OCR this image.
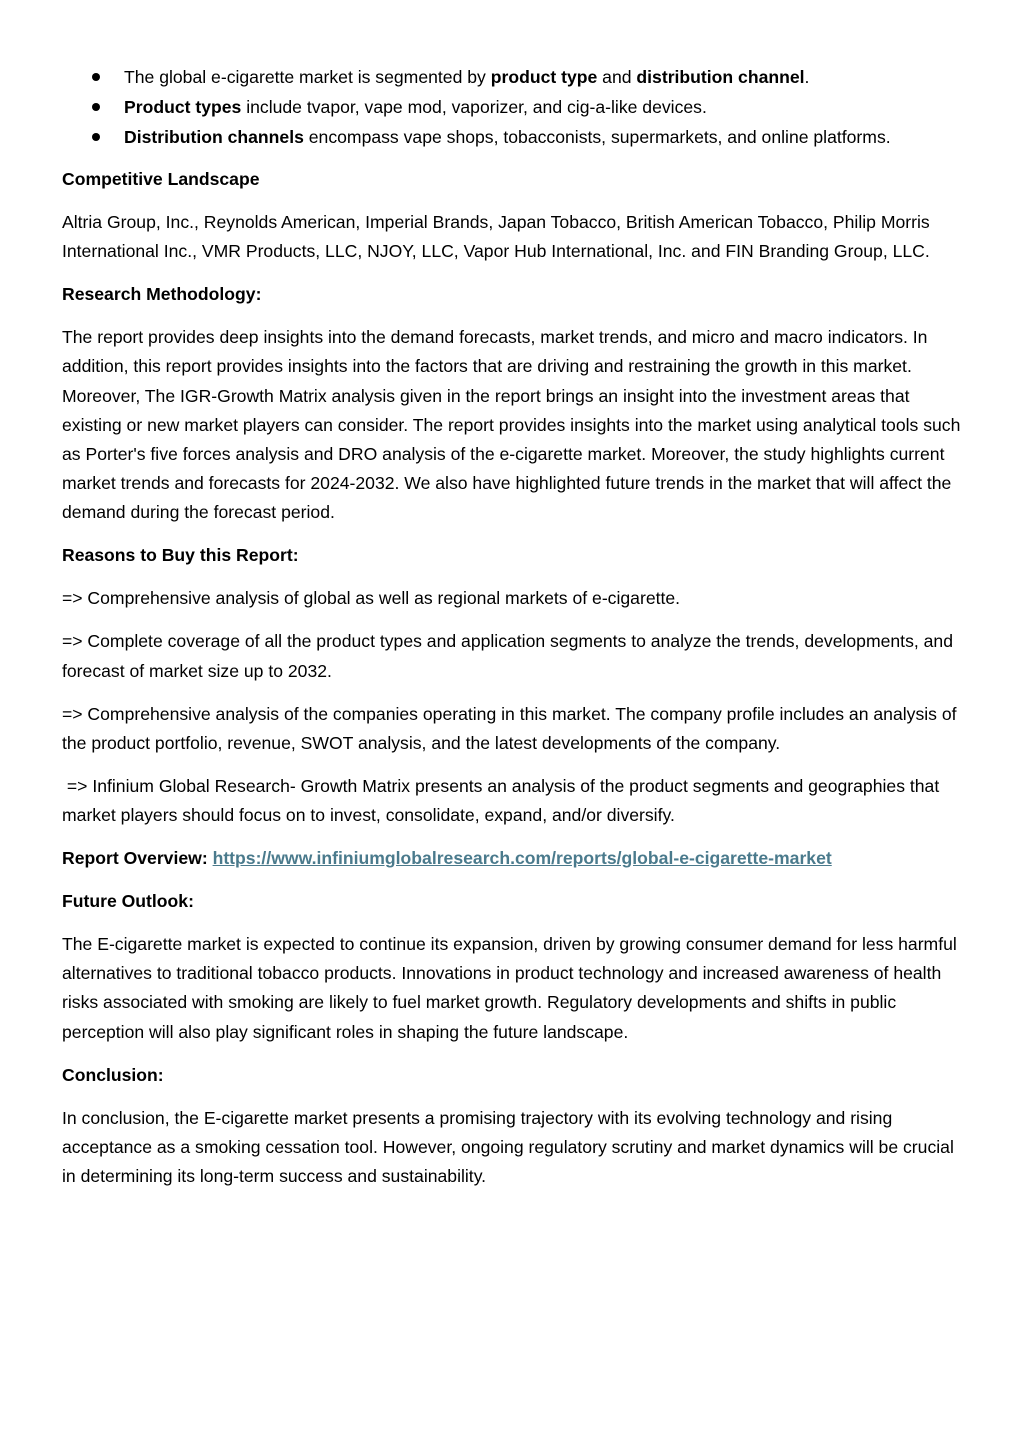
The global e-cigarette market is segmented by product type and distribution channel.
Product types include tvapor, vape mod, vaporizer, and cig-a-like devices.
Distribution channels encompass vape shops, tobacconists, supermarkets, and online platforms.

Competitive Landscape

Altria Group, Inc., Reynolds American, Imperial Brands, Japan Tobacco, British American Tobacco, Philip Morris International Inc., VMR Products, LLC, NJOY, LLC, Vapor Hub International, Inc. and FIN Branding Group, LLC.

Research Methodology:

The report provides deep insights into the demand forecasts, market trends, and micro and macro indicators. In addition, this report provides insights into the factors that are driving and restraining the growth in this market. Moreover, The IGR-Growth Matrix analysis given in the report brings an insight into the investment areas that existing or new market players can consider. The report provides insights into the market using analytical tools such as Porter's five forces analysis and DRO analysis of the e-cigarette market. Moreover, the study highlights current market trends and forecasts for 2024-2032. We also have highlighted future trends in the market that will affect the demand during the forecast period.

Reasons to Buy this Report:

=> Comprehensive analysis of global as well as regional markets of e-cigarette.

=> Complete coverage of all the product types and application segments to analyze the trends, developments, and forecast of market size up to 2032.

=> Comprehensive analysis of the companies operating in this market. The company profile includes an analysis of the product portfolio, revenue, SWOT analysis, and the latest developments of the company.

=> Infinium Global Research- Growth Matrix presents an analysis of the product segments and geographies that market players should focus on to invest, consolidate, expand, and/or diversify.

Report Overview: https://www.infiniumglobalresearch.com/reports/global-e-cigarette-market

Future Outlook:

The E-cigarette market is expected to continue its expansion, driven by growing consumer demand for less harmful alternatives to traditional tobacco products. Innovations in product technology and increased awareness of health risks associated with smoking are likely to fuel market growth. Regulatory developments and shifts in public perception will also play significant roles in shaping the future landscape.

Conclusion:

In conclusion, the E-cigarette market presents a promising trajectory with its evolving technology and rising acceptance as a smoking cessation tool. However, ongoing regulatory scrutiny and market dynamics will be crucial in determining its long-term success and sustainability.
